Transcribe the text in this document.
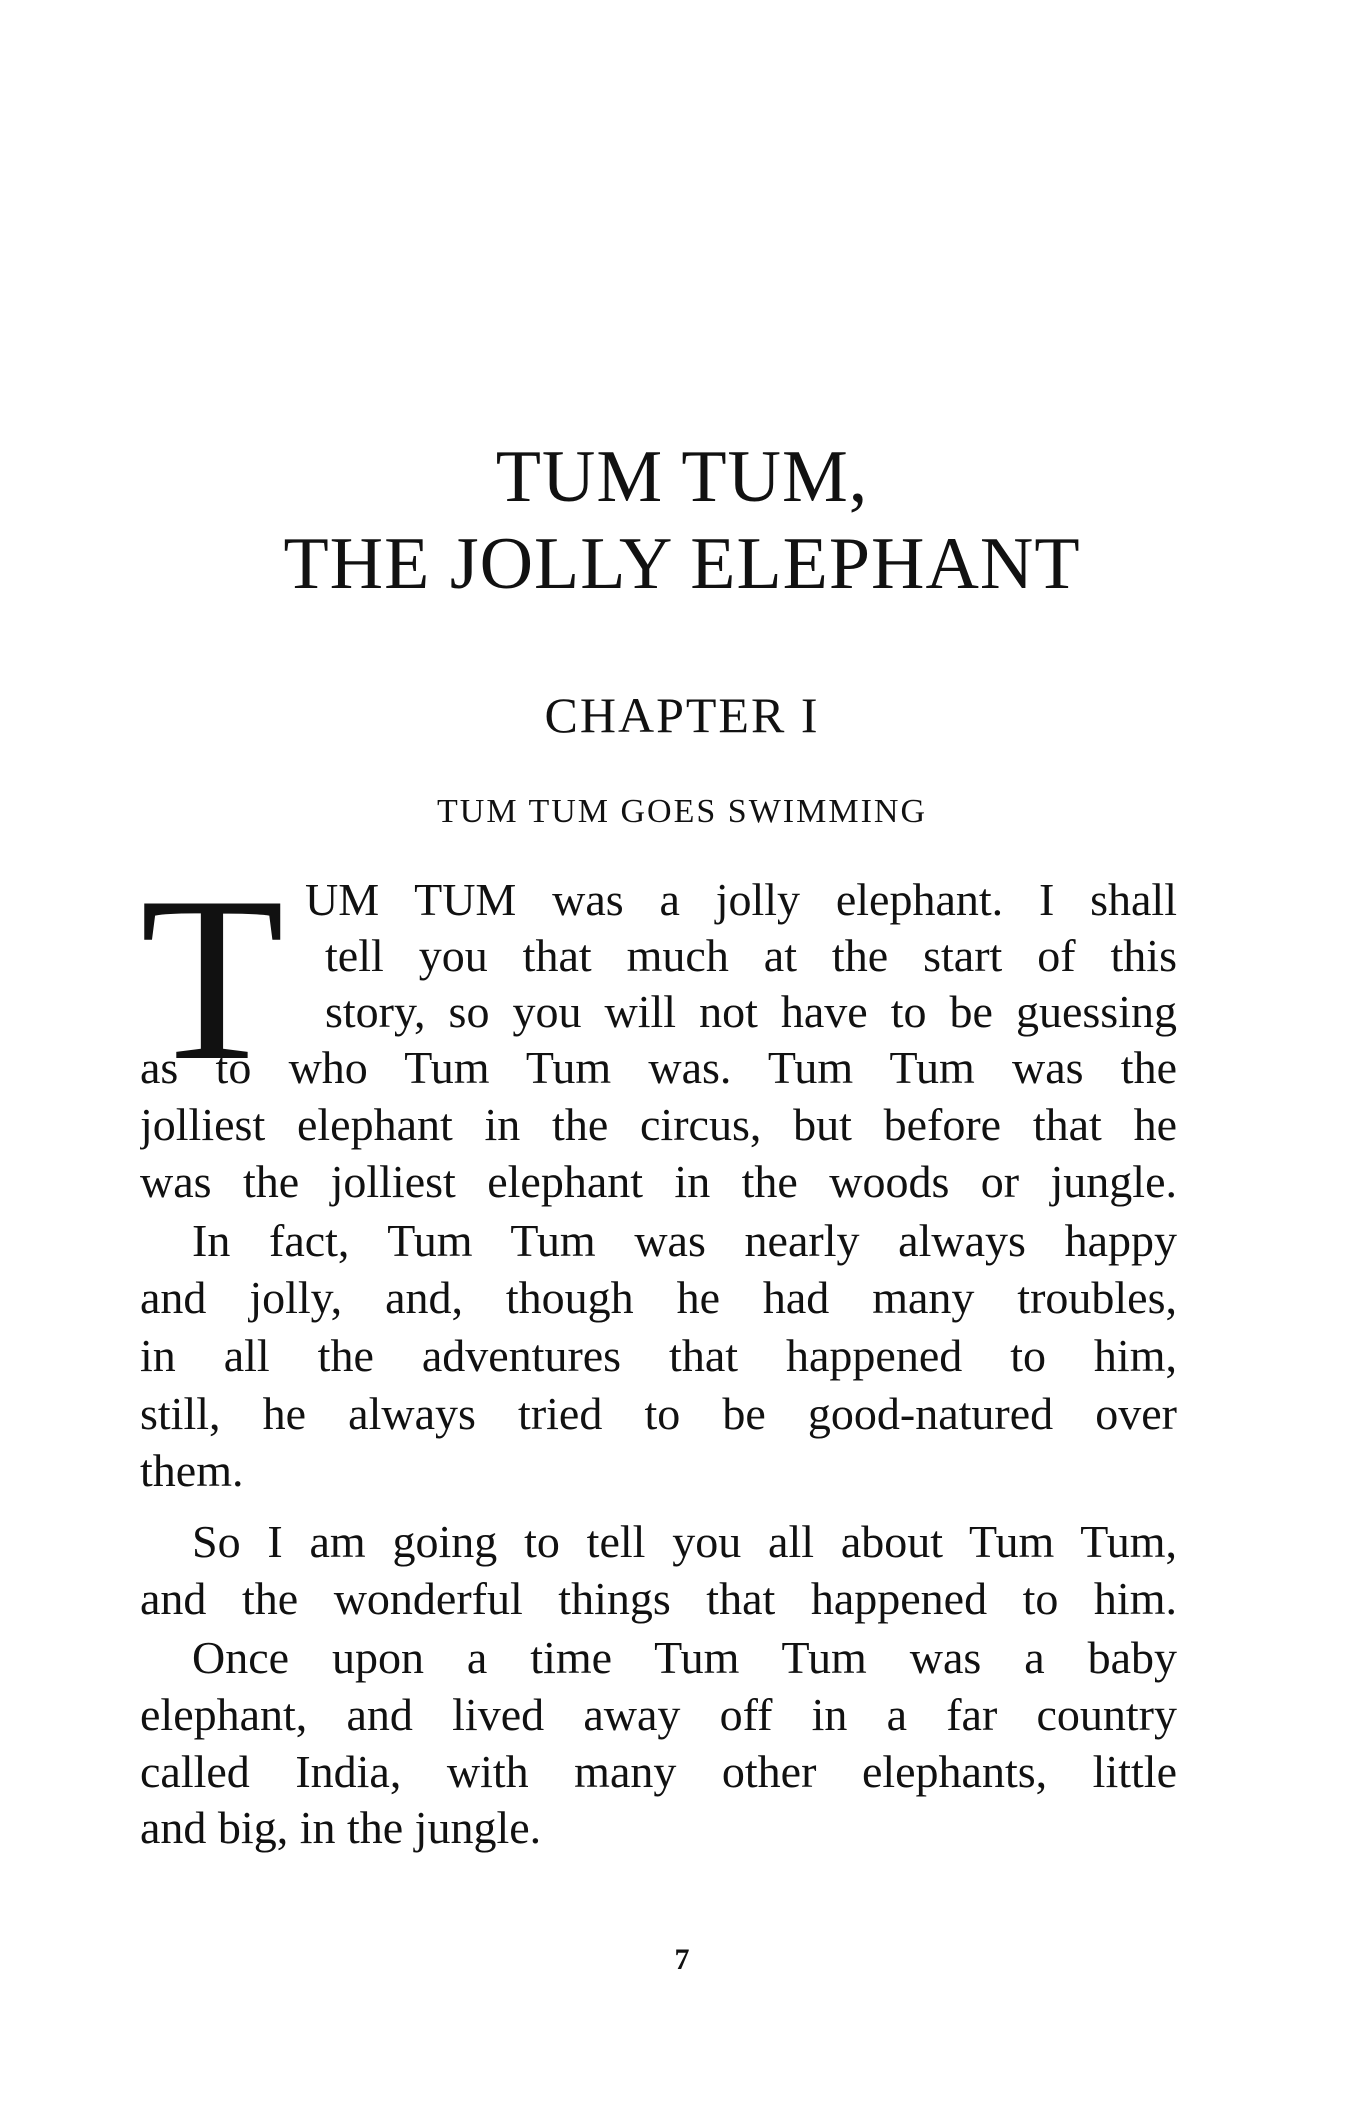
TUM TUM,
THE JOLLY ELEPHANT
CHAPTER I
TUM TUM GOES SWIMMING
T UM TUM was a jolly elephant. I shall
tell you that much at the start of this
story, so you will not have to be guessing
as to who Tum Tum was. Tum Tum was the
jolliest elephant in the circus, but before that he
was the jolliest elephant in the woods or jungle.
In fact, Tum Tum was nearly always happy
and jolly, and, though he had many troubles,
in all the adventures that happened to him,
still, he always tried to be good-natured over
them.
So I am going to tell you all about Tum Tum,
and the wonderful things that happened to him.
Once upon a time Tum Tum was a baby
elephant, and lived away off in a far country
called India, with many other elephants, little
and big, in the jungle.
7
